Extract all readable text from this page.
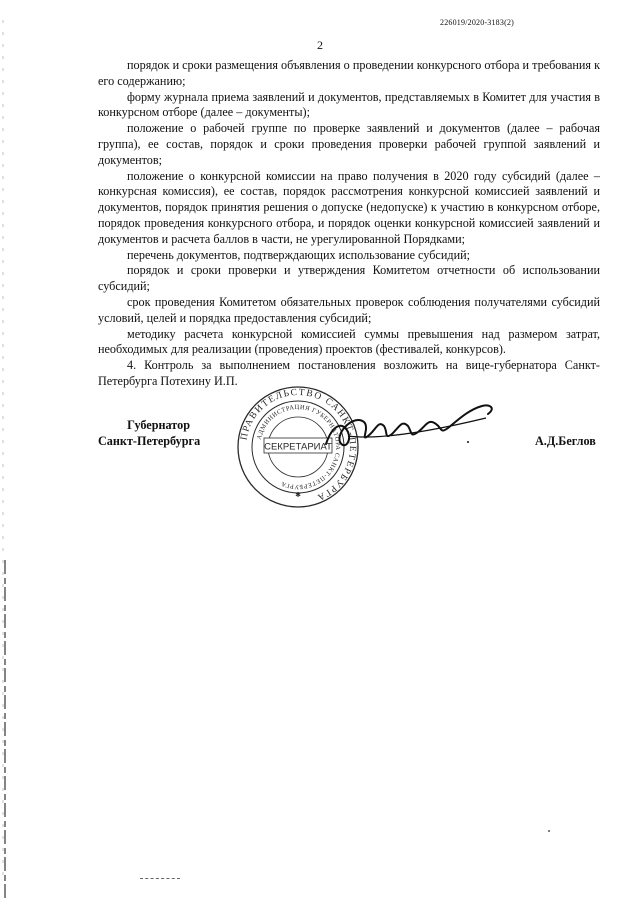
226019/2020-3183(2)
2

порядок и сроки размещения объявления о проведении конкурсного отбора и требования к его содержанию;

форму журнала приема заявлений и документов, представляемых в Комитет для участия в конкурсном отборе (далее – документы);

положение о рабочей группе по проверке заявлений и документов (далее – рабочая группа), ее состав, порядок и сроки проведения проверки рабочей группой заявлений и документов;

положение о конкурсной комиссии на право получения в 2020 году субсидий (далее – конкурсная комиссия), ее состав, порядок рассмотрения конкурсной комиссией заявлений и документов, порядок принятия решения о допуске (недопуске) к участию в конкурсном отборе, порядок проведения конкурсного отбора, и порядок оценки конкурсной комиссией заявлений и документов и расчета баллов в части, не урегулированной Порядками;

перечень документов, подтверждающих использование субсидий;

порядок и сроки проверки и утверждения Комитетом отчетности об использовании субсидий;

срок проведения Комитетом обязательных проверок соблюдения получателями субсидий условий, целей и порядка предоставления субсидий;

методику расчета конкурсной комиссией суммы превышения над размером затрат, необходимых для реализации (проведения) проектов (фестивалей, конкурсов).

4. Контроль за выполнением постановления возложить на вице-губернатора Санкт-Петербурга Потехину И.П.

ПРАВИТЕЛЬСТВО САНКТ-ПЕТЕРБУРГА
АДМИНИСТРАЦИЯ ГУБЕРНАТОРА САНКТ-ПЕТЕРБУРГА
СЕКРЕТАРИАТ
✱
Губернатор
Санкт-Петербурга	А.Д.Беглов
